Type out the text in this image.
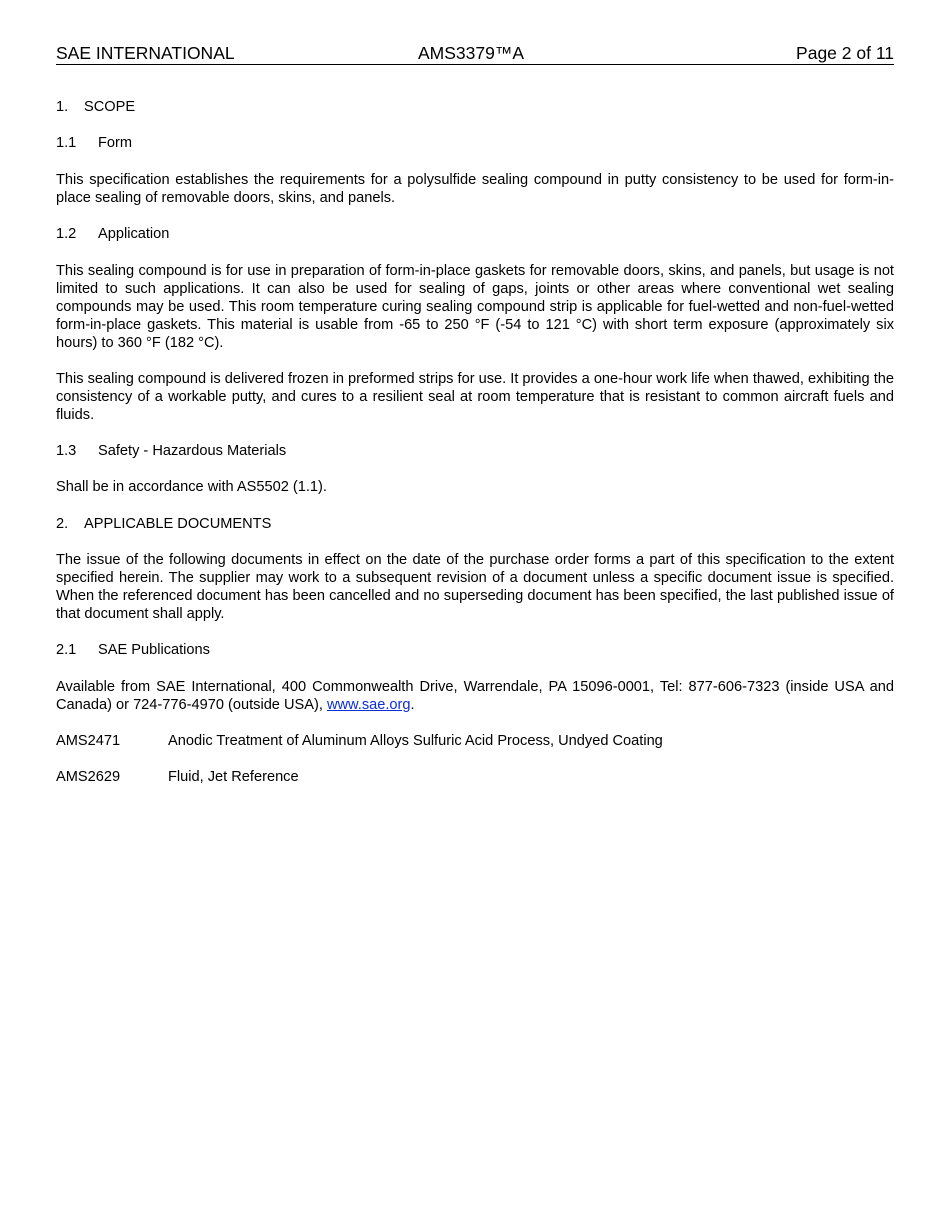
SAE INTERNATIONAL	AMS3379™A	Page 2 of 11
1. SCOPE
1.1 Form
This specification establishes the requirements for a polysulfide sealing compound in putty consistency to be used for form-in-place sealing of removable doors, skins, and panels.
1.2 Application
This sealing compound is for use in preparation of form-in-place gaskets for removable doors, skins, and panels, but usage is not limited to such applications. It can also be used for sealing of gaps, joints or other areas where conventional wet sealing compounds may be used. This room temperature curing sealing compound strip is applicable for fuel-wetted and non-fuel-wetted form-in-place gaskets. This material is usable from -65 to 250 °F (-54 to 121 °C) with short term exposure (approximately six hours) to 360 °F (182 °C).
This sealing compound is delivered frozen in preformed strips for use. It provides a one-hour work life when thawed, exhibiting the consistency of a workable putty, and cures to a resilient seal at room temperature that is resistant to common aircraft fuels and fluids.
1.3 Safety - Hazardous Materials
Shall be in accordance with AS5502 (1.1).
2. APPLICABLE DOCUMENTS
The issue of the following documents in effect on the date of the purchase order forms a part of this specification to the extent specified herein. The supplier may work to a subsequent revision of a document unless a specific document issue is specified. When the referenced document has been cancelled and no superseding document has been specified, the last published issue of that document shall apply.
2.1 SAE Publications
Available from SAE International, 400 Commonwealth Drive, Warrendale, PA 15096-0001, Tel: 877-606-7323 (inside USA and Canada) or 724-776-4970 (outside USA), www.sae.org.
AMS2471	Anodic Treatment of Aluminum Alloys Sulfuric Acid Process, Undyed Coating
AMS2629	Fluid, Jet Reference
